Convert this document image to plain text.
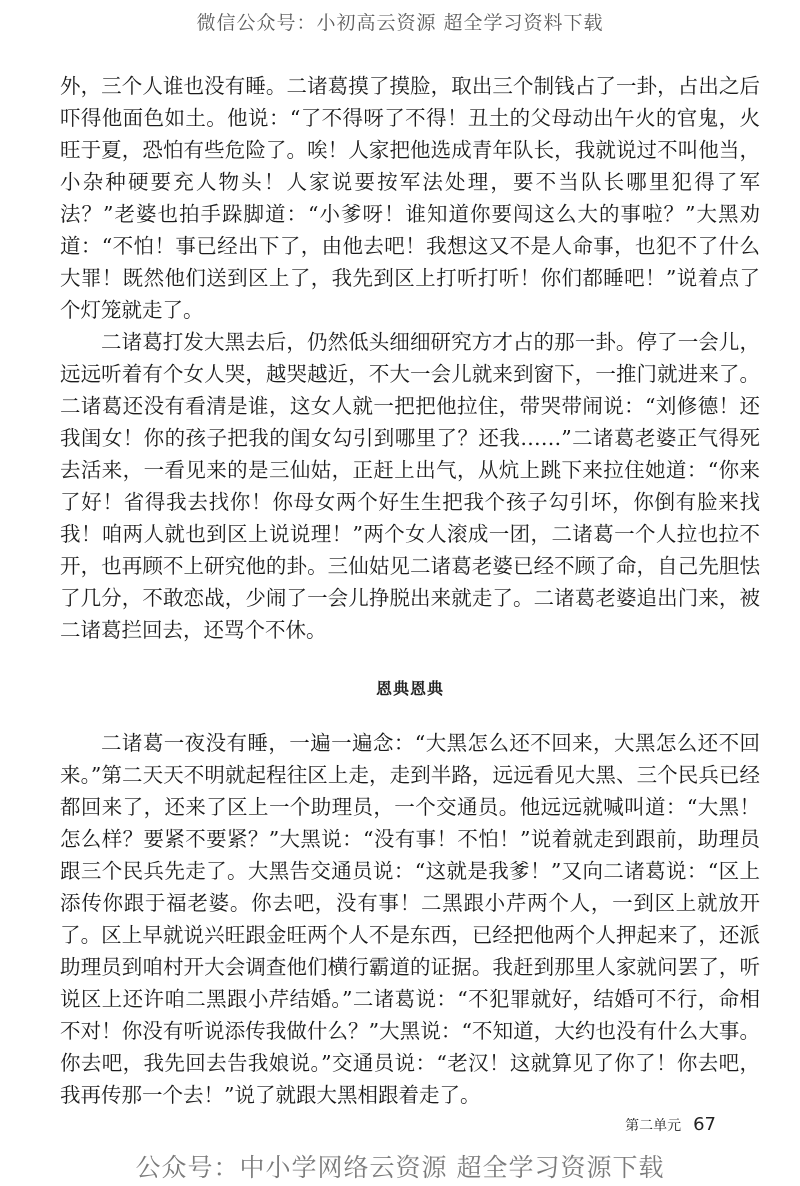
微信公众号：小初高云资源 超全学习资料下载

外，三个人谁也没有睡。二诸葛摸了摸脸，取出三个制钱占了一卦，占出之后吓得他面色如土。他说：“了不得呀了不得！丑土的父母动出午火的官鬼，火旺于夏，恐怕有些危险了。唉！人家把他选成青年队长，我就说过不叫他当，小杂种硬要充人物头！人家说要按军法处理，要不当队长哪里犯得了军法？”老婆也拍手跺脚道：“小爹呀！谁知道你要闯这么大的事啦？”大黑劝道：“不怕！事已经出下了，由他去吧！我想这又不是人命事，也犯不了什么大罪！既然他们送到区上了，我先到区上打听打听！你们都睡吧！”说着点了个灯笼就走了。

二诸葛打发大黑去后，仍然低头细细研究方才占的那一卦。停了一会儿，远远听着有个女人哭，越哭越近，不大一会儿就来到窗下，一推门就进来了。二诸葛还没有看清是谁，这女人就一把把他拉住，带哭带闹说：“刘修德！还我闺女！你的孩子把我的闺女勾引到哪里了？还我……”二诸葛老婆正气得死去活来，一看见来的是三仙姑，正赶上出气，从炕上跳下来拉住她道：“你来了好！省得我去找你！你母女两个好生生把我个孩子勾引坏，你倒有脸来找我！咱两人就也到区上说说理！”两个女人滚成一团，二诸葛一个人拉也拉不开，也再顾不上研究他的卦。三仙姑见二诸葛老婆已经不顾了命，自己先胆怯了几分，不敢恋战，少闹了一会儿挣脱出来就走了。二诸葛老婆追出门来，被二诸葛拦回去，还骂个不休。

恩典恩典

二诸葛一夜没有睡，一遍一遍念：“大黑怎么还不回来，大黑怎么还不回来。”第二天天不明就起程往区上走，走到半路，远远看见大黑、三个民兵已经都回来了，还来了区上一个助理员，一个交通员。他远远就喊叫道：“大黑！怎么样？要紧不要紧？”大黑说：“没有事！不怕！”说着就走到跟前，助理员跟三个民兵先走了。大黑告交通员说：“这就是我爹！”又向二诸葛说：“区上添传你跟于福老婆。你去吧，没有事！二黑跟小芹两个人，一到区上就放开了。区上早就说兴旺跟金旺两个人不是东西，已经把他两个人押起来了，还派助理员到咱村开大会调查他们横行霸道的证据。我赶到那里人家就问罢了，听说区上还许咱二黑跟小芹结婚。”二诸葛说：“不犯罪就好，结婚可不行，命相不对！你没有听说添传我做什么？”大黑说：“不知道，大约也没有什么大事。你去吧，我先回去告我娘说。”交通员说：“老汉！这就算见了你了！你去吧，我再传那一个去！”说了就跟大黑相跟着走了。

第二单元 67
公众号：中小学网络云资源 超全学习资源下载
